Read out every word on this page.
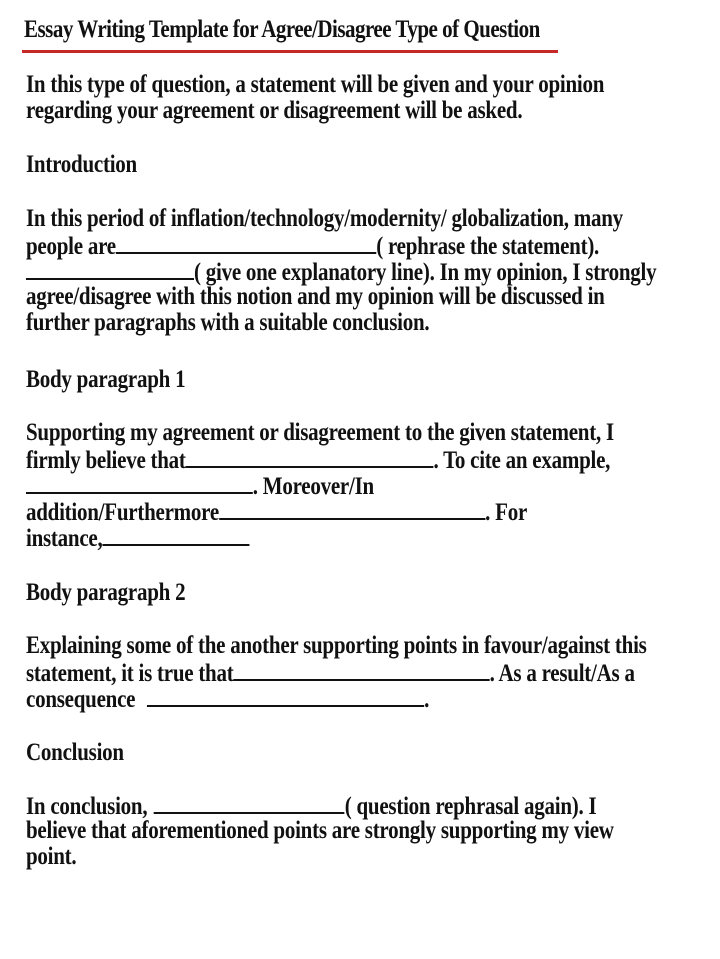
Essay Writing Template for Agree/Disagree Type of Question
In this type of question, a statement will be given and your opinion
regarding your agreement or disagreement will be asked.
Introduction
In this period of inflation/technology/modernity/ globalization, many
people are	( rephrase the statement).
( give one explanatory line). In my opinion, I strongly
agree/disagree with this notion and my opinion will be discussed in
further paragraphs with a suitable conclusion.
Body paragraph 1
Supporting my agreement or disagreement to the given statement, I
firmly believe that	. To cite an example,
. Moreover/In
addition/Furthermore	. For
instance,
Body paragraph 2
Explaining some of the another supporting points in favour/against this
statement, it is true that	. As a result/As a
consequence	.
Conclusion
In conclusion,	( question rephrasal again). I
believe that aforementioned points are strongly supporting my view
point.
